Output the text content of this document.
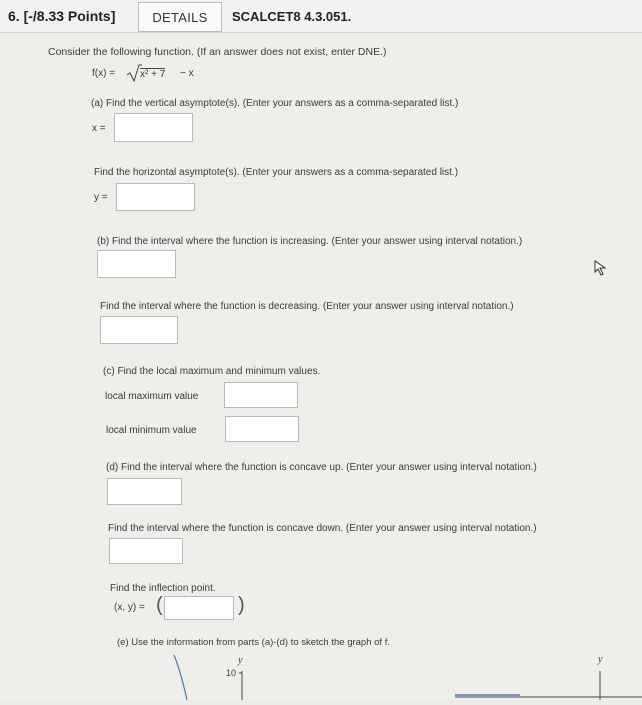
6. [-/8.33 Points]	DETAILS	SCALCET8 4.3.051.
Consider the following function. (If an answer does not exist, enter DNE.)
f(x) = x² + 7 − x
(a) Find the vertical asymptote(s). (Enter your answers as a comma-separated list.)
x =
Find the horizontal asymptote(s). (Enter your answers as a comma-separated list.)
y =
(b) Find the interval where the function is increasing. (Enter your answer using interval notation.)
Find the interval where the function is decreasing. (Enter your answer using interval notation.)
(c) Find the local maximum and minimum values.
local maximum value
local minimum value
(d) Find the interval where the function is concave up. (Enter your answer using interval notation.)
Find the interval where the function is concave down. (Enter your answer using interval notation.)
Find the inflection point.
(x, y) = (	)
(e) Use the information from parts (a)-(d) to sketch the graph of f.
y
10
y
